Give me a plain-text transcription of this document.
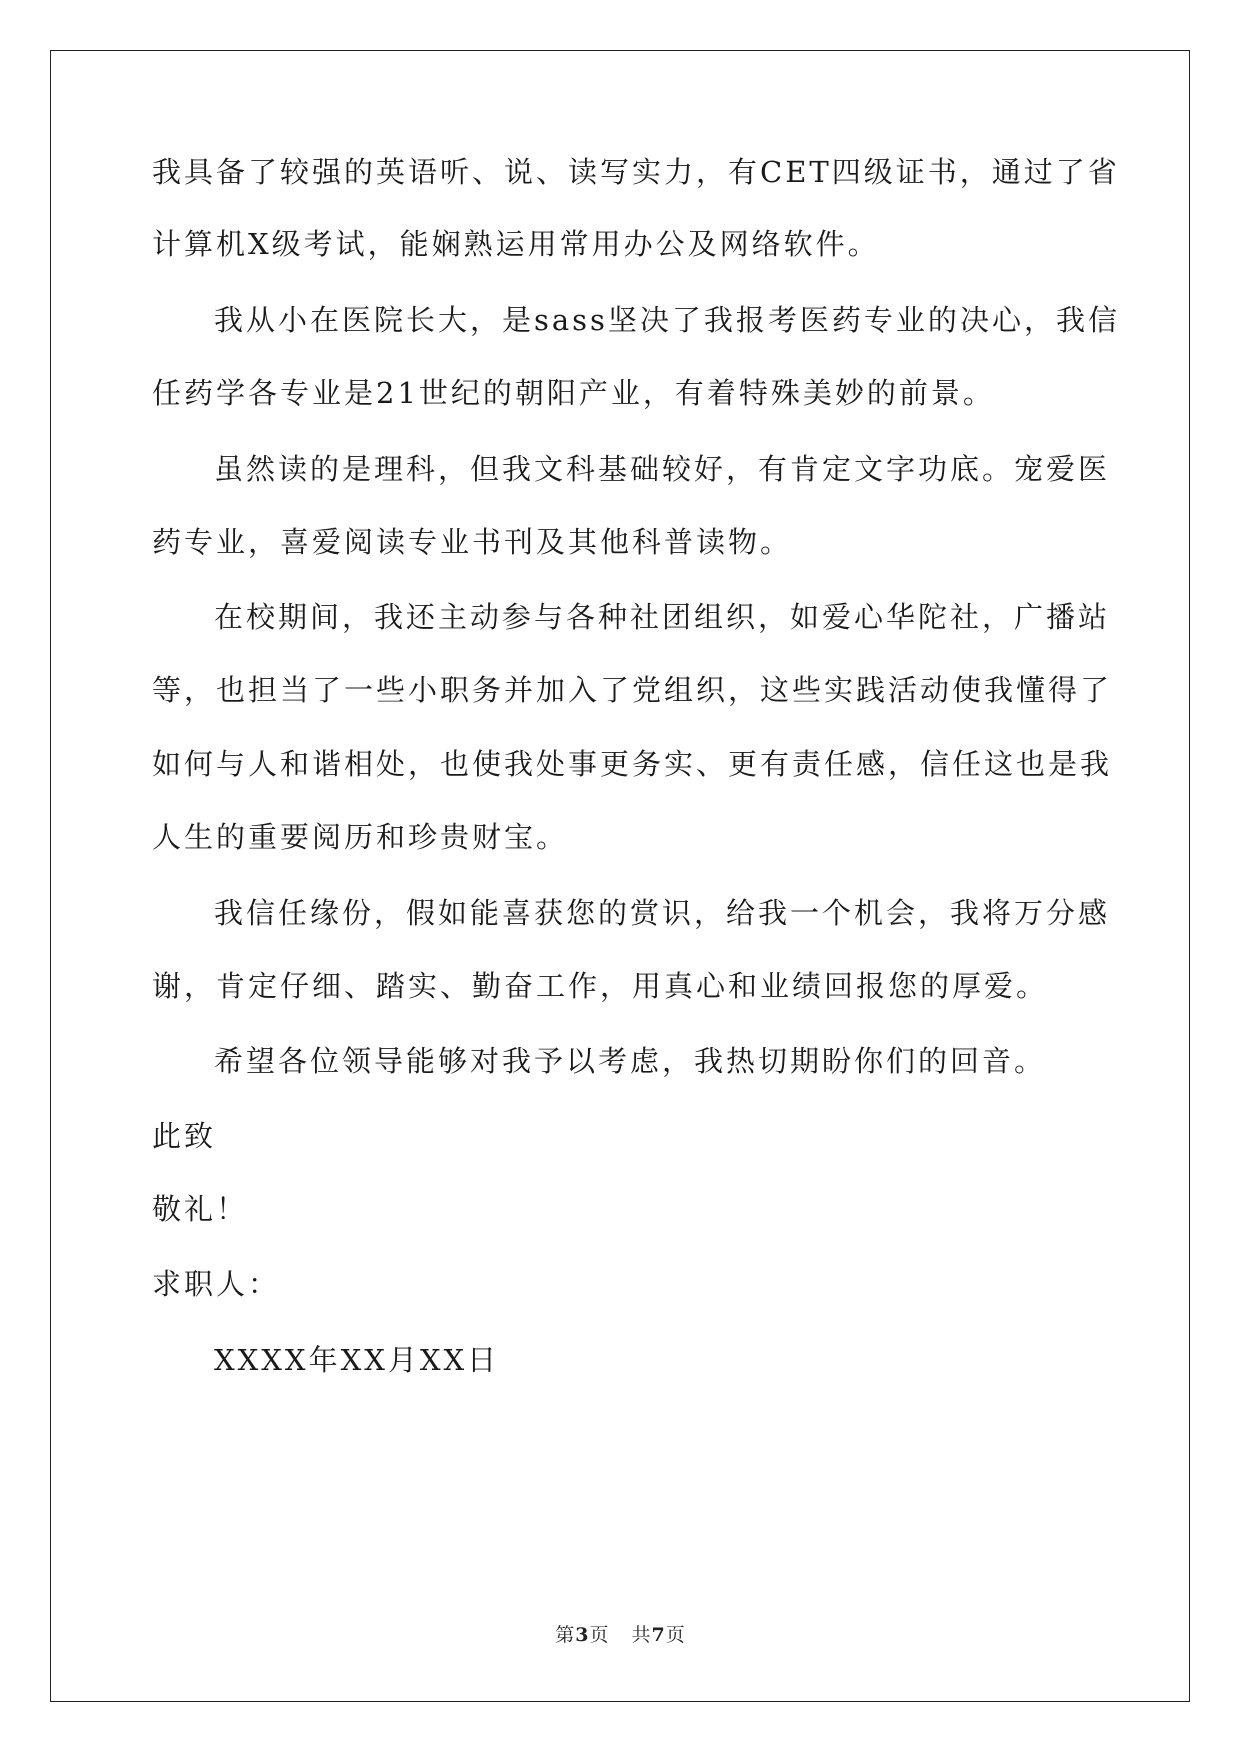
我具备了较强的英语听、说、读写实力，有CET四级证书，通过了省
计算机X级考试，能娴熟运用常用办公及网络软件。
我从小在医院长大，是sass坚决了我报考医药专业的决心，我信
任药学各专业是21世纪的朝阳产业，有着特殊美妙的前景。
虽然读的是理科，但我文科基础较好，有肯定文字功底。宠爱医
药专业，喜爱阅读专业书刊及其他科普读物。
在校期间，我还主动参与各种社团组织，如爱心华陀社，广播站
等，也担当了一些小职务并加入了党组织，这些实践活动使我懂得了
如何与人和谐相处，也使我处事更务实、更有责任感，信任这也是我
人生的重要阅历和珍贵财宝。
我信任缘份，假如能喜获您的赏识，给我一个机会，我将万分感
谢，肯定仔细、踏实、勤奋工作，用真心和业绩回报您的厚爱。
希望各位领导能够对我予以考虑，我热切期盼你们的回音。
此致
敬礼！
求职人：
XXXX年XX月XX日
第3页 共7页
